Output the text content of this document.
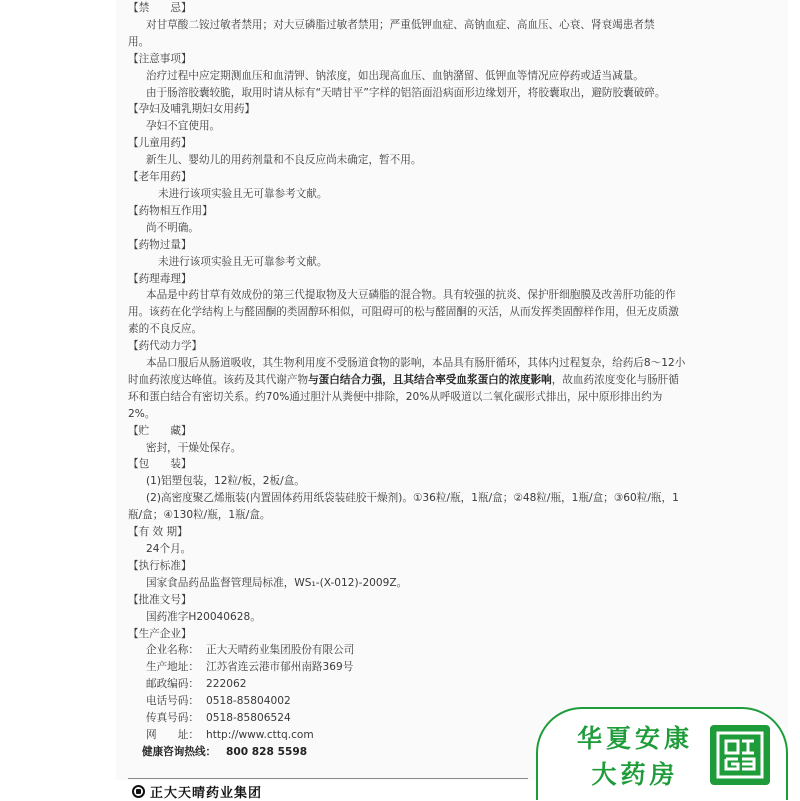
【禁　　忌】
对甘草酸二铵过敏者禁用；对大豆磷脂过敏者禁用；严重低钾血症、高钠血症、高血压、心衰、肾衰竭患者禁
用。
【注意事项】
治疗过程中应定期测血压和血清钾、钠浓度，如出现高血压、血钠潴留、低钾血等情况应停药或适当减量。
由于肠溶胶囊较脆，取用时请从标有“天晴甘平”字样的铝箔面沿病面形边缘划开，将胶囊取出，避防胶囊破碎。
【孕妇及哺乳期妇女用药】
孕妇不宜使用。
【儿童用药】
新生儿、婴幼儿的用药剂量和不良反应尚未确定，暂不用。
【老年用药】
未进行该项实验且无可靠参考文献。
【药物相互作用】
尚不明确。
【药物过量】
未进行该项实验且无可靠参考文献。
【药理毒理】
本品是中药甘草有效成份的第三代提取物及大豆磷脂的混合物。具有较强的抗炎、保护肝细胞膜及改善肝功能的作用。该药在化学结构上与醛固酮的类固醇环相似，可阻碍可的松与醛固酮的灭活，从而发挥类固醇样作用，但无皮质激素的不良反应。
【药代动力学】
本品口服后从肠道吸收，其生物利用度不受肠道食物的影响，本品具有肠肝循环，其体内过程复杂，给药后8～12小时血药浓度达峰值。该药及其代谢产物与蛋白结合力强，且其结合率受血浆蛋白的浓度影响，故血药浓度变化与肠肝循环和蛋白结合有密切关系。约70%通过胆汁从粪便中排除，20%从呼吸道以二氧化碳形式排出，尿中原形排出约为2%。
【贮　　藏】
密封，干燥处保存。
【包　　装】
(1)铝塑包装，12粒/板，2板/盒。
(2)高密度聚乙烯瓶装(内置固体药用纸袋装硅胶干燥剂)。①36粒/瓶，1瓶/盒；②48粒/瓶，1瓶/盒；③60粒/瓶，1瓶/盒；④130粒/瓶，1瓶/盒。
【有 效 期】
24个月。
【执行标准】
国家食品药品监督管理局标准，WS₁-(X-012)-2009Z。
【批准文号】
国药准字H20040628。
【生产企业】
企业名称： 正大天晴药业集团股份有限公司
生产地址： 江苏省连云港市郁州南路369号
邮政编码： 222062
电话号码： 0518-85804002
传真号码： 0518-85806524
网　　址： http://www.cttq.com
健康咨询热线： 800 828 5598
正大天晴药业集团
华夏安康
大药房
